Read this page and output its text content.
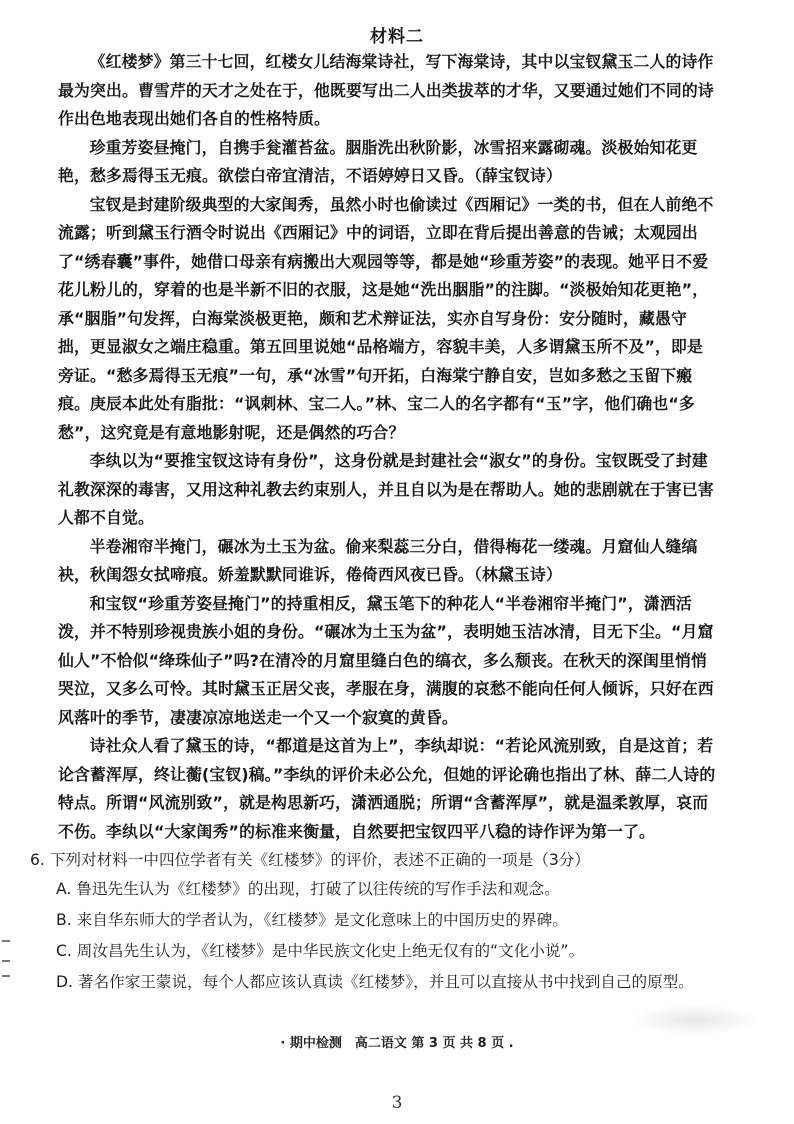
材料二

《红楼梦》第三十七回，红楼女儿结海棠诗社，写下海棠诗，其中以宝钗黛玉二人的诗作最为突出。曹雪芹的天才之处在于，他既要写出二人出类拔萃的才华，又要通过她们不同的诗作出色地表现出她们各自的性格特质。

珍重芳姿昼掩门，自携手瓮灌苔盆。胭脂洗出秋阶影，冰雪招来露砌魂。淡极始知花更艳，愁多焉得玉无痕。欲偿白帝宜清洁，不语婷婷日又昏。（薛宝钗诗）

宝钗是封建阶级典型的大家闺秀，虽然小时也偷读过《西厢记》一类的书，但在人前绝不流露；听到黛玉行酒令时说出《西厢记》中的词语，立即在背后提出善意的告诫；太观园出了“绣春囊”事件，她借口母亲有病搬出大观园等等，都是她“珍重芳姿”的表现。她平日不爱花儿粉儿的，穿着的也是半新不旧的衣服，这是她“洗出胭脂”的注脚。“淡极始知花更艳”，承“胭脂”句发挥，白海棠淡极更艳，颇和艺术辩证法，实亦自写身份：安分随时，藏愚守拙，更显淑女之端庄稳重。第五回里说她“品格端方，容貌丰美，人多谓黛玉所不及”，即是旁证。“愁多焉得玉无痕”一句，承“冰雪”句开拓，白海棠宁静自安，岂如多愁之玉留下瘢痕。庚辰本此处有脂批：“讽刺林、宝二人。”林、宝二人的名字都有“玉”字，他们确也“多愁”，这究竟是有意地影射呢，还是偶然的巧合？

李纨以为“要推宝钗这诗有身份”，这身份就是封建社会“淑女”的身份。宝钗既受了封建礼教深深的毒害，又用这种礼教去约束别人，并且自以为是在帮助人。她的悲剧就在于害已害人都不自觉。

半卷湘帘半掩门，碾冰为土玉为盆。偷来梨蕊三分白，借得梅花一缕魂。月窟仙人缝缟袂，秋闺怨女拭啼痕。娇羞默默同谁诉，倦倚西风夜已昏。（林黛玉诗）

和宝钗“珍重芳姿昼掩门”的持重相反，黛玉笔下的种花人“半卷湘帘半掩门”，潇洒活泼，并不特别珍视贵族小姐的身份。“碾冰为土玉为盆”，表明她玉洁冰清，目无下尘。“月窟仙人”不恰似“绛珠仙子”吗?在清冷的月窟里缝白色的缟衣，多么颓丧。在秋天的深闺里悄悄哭泣，又多么可怜。其时黛玉正居父丧，孝服在身，满腹的哀愁不能向任何人倾诉，只好在西风落叶的季节，凄凄凉凉地送走一个又一个寂寞的黄昏。

诗社众人看了黛玉的诗，“都道是这首为上”，李纨却说：“若论风流别致，自是这首；若论含蓄浑厚，终让蘅(宝钗)稿。”李纨的评价未必公允，但她的评论确也指出了林、薛二人诗的特点。所谓“风流别致”，就是构思新巧，潇洒通脱；所谓“含蓄浑厚”，就是温柔敦厚，哀而不伤。李纨以“大家闺秀”的标准来衡量，自然要把宝钗四平八稳的诗作评为第一了。

6. 下列对材料一中四位学者有关《红楼梦》的评价，表述不正确的一项是（3分）

A. 鲁迅先生认为《红楼梦》的出现，打破了以往传统的写作手法和观念。

B. 来自华东师大的学者认为，《红楼梦》是文化意味上的中国历史的界碑。

C. 周汝昌先生认为，《红楼梦》是中华民族文化史上绝无仅有的“文化小说”。

D. 著名作家王蒙说，每个人都应该认真读《红楼梦》，并且可以直接从书中找到自己的原型。

· 期中检测　高二语文 第 3 页 共 8 页 .
3
